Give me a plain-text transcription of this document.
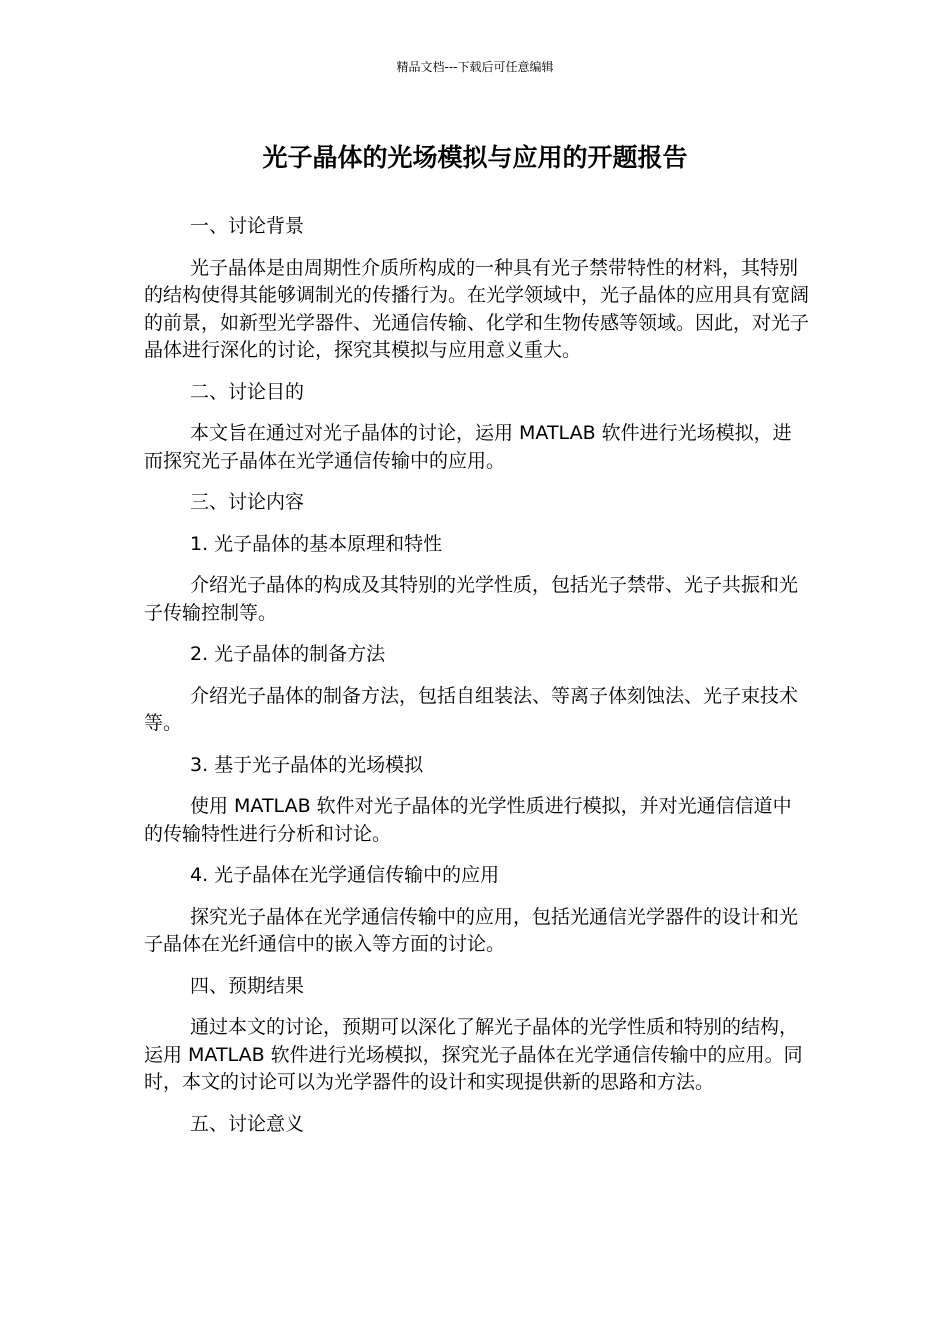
精品文档---下载后可任意编辑
光子晶体的光场模拟与应用的开题报告
一、讨论背景

光子晶体是由周期性介质所构成的一种具有光子禁带特性的材料，其特别的结构使得其能够调制光的传播行为。在光学领域中，光子晶体的应用具有宽阔的前景，如新型光学器件、光通信传输、化学和生物传感等领域。因此，对光子晶体进行深化的讨论，探究其模拟与应用意义重大。

二、讨论目的

本文旨在通过对光子晶体的讨论，运用 MATLAB 软件进行光场模拟，进而探究光子晶体在光学通信传输中的应用。

三、讨论内容
1. 光子晶体的基本原理和特性

介绍光子晶体的构成及其特别的光学性质，包括光子禁带、光子共振和光子传输控制等。

2. 光子晶体的制备方法

介绍光子晶体的制备方法，包括自组装法、等离子体刻蚀法、光子束技术等。

3. 基于光子晶体的光场模拟

使用 MATLAB 软件对光子晶体的光学性质进行模拟，并对光通信信道中的传输特性进行分析和讨论。

4. 光子晶体在光学通信传输中的应用

探究光子晶体在光学通信传输中的应用，包括光通信光学器件的设计和光子晶体在光纤通信中的嵌入等方面的讨论。

四、预期结果

通过本文的讨论，预期可以深化了解光子晶体的光学性质和特别的结构，运用 MATLAB 软件进行光场模拟，探究光子晶体在光学通信传输中的应用。同时，本文的讨论可以为光学器件的设计和实现提供新的思路和方法。

五、讨论意义
